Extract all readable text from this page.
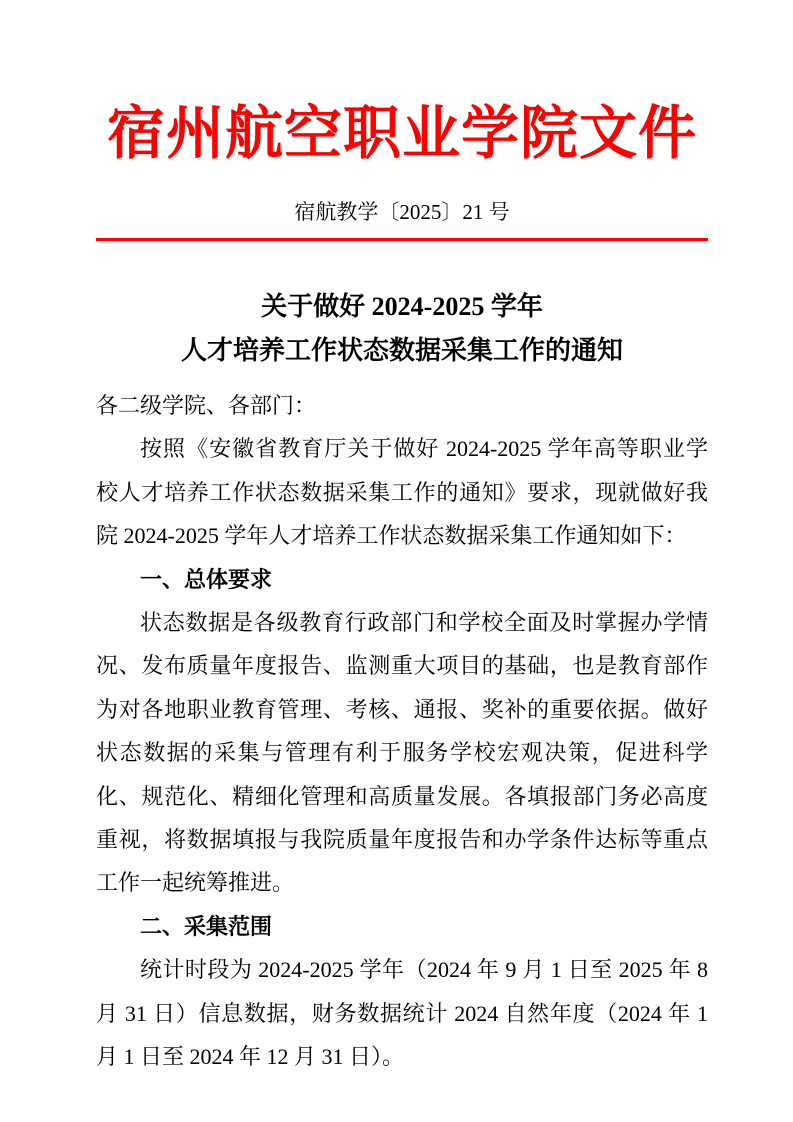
宿州航空职业学院文件
宿航教学〔2025〕21 号
关于做好 2024-2025 学年
人才培养工作状态数据采集工作的通知

各二级学院、各部门：

按照《安徽省教育厅关于做好 2024-2025 学年高等职业学校人才培养工作状态数据采集工作的通知》要求，现就做好我院 2024-2025 学年人才培养工作状态数据采集工作通知如下：

一、总体要求

状态数据是各级教育行政部门和学校全面及时掌握办学情况、发布质量年度报告、监测重大项目的基础，也是教育部作为对各地职业教育管理、考核、通报、奖补的重要依据。做好状态数据的采集与管理有利于服务学校宏观决策，促进科学化、规范化、精细化管理和高质量发展。各填报部门务必高度重视，将数据填报与我院质量年度报告和办学条件达标等重点工作一起统筹推进。

二、采集范围

统计时段为 2024-2025 学年（2024 年 9 月 1 日至 2025 年 8 月 31 日）信息数据，财务数据统计 2024 自然年度（2024 年 1 月 1 日至 2024 年 12 月 31 日）。
